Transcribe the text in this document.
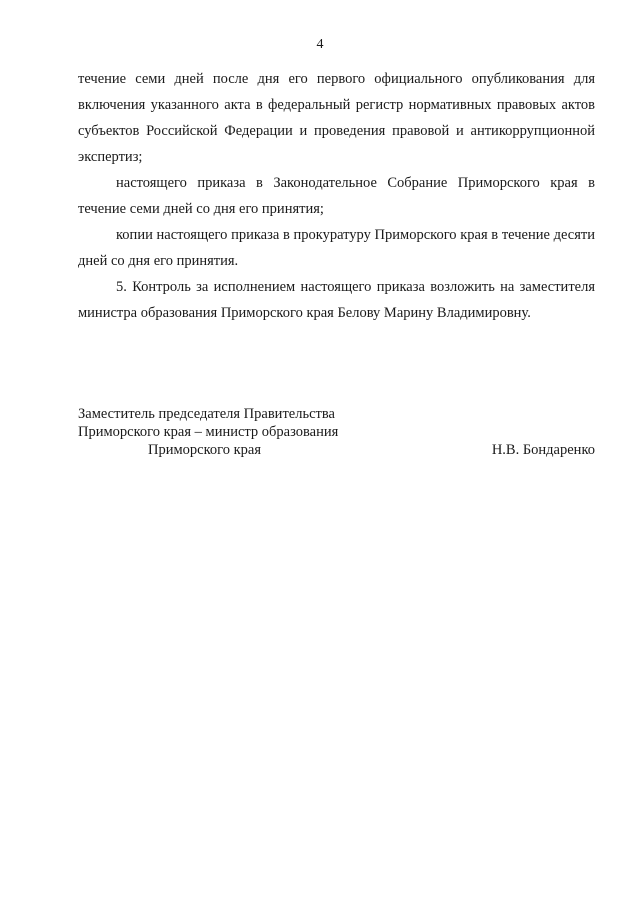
4

течение семи дней после дня его первого официального опубликования для включения указанного акта в федеральный регистр нормативных правовых актов субъектов Российской Федерации и проведения правовой и антикоррупционной экспертиз;

настоящего приказа в Законодательное Собрание Приморского края в течение семи дней со дня его принятия;

копии настоящего приказа в прокуратуру Приморского края в течение десяти дней со дня его принятия.

5. Контроль за исполнением настоящего приказа возложить на заместителя министра образования Приморского края Белову Марину Владимировну.

Заместитель председателя Правительства
Приморского края – министр образования
Приморского края	Н.В. Бондаренко
